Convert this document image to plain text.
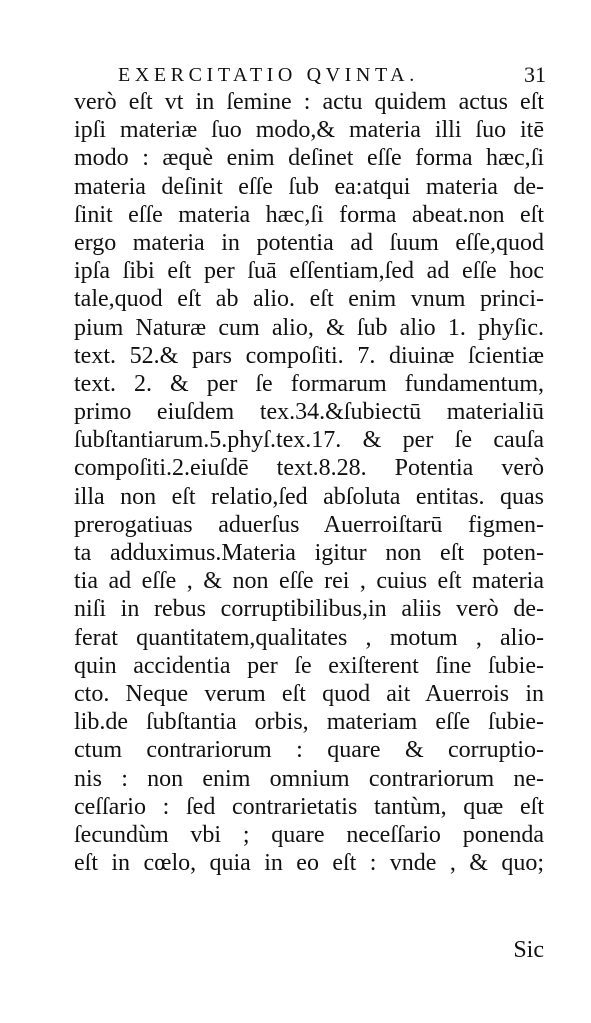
EXERCITATIO QVINTA.	31
verò eſt vt in ſemine : actu quidem actus eſt
ipſi materiæ ſuo modo,& materia illi ſuo itē
modo : æquè enim deſinet eſſe forma hæc,ſi
materia deſinit eſſe ſub ea:atqui materia de-
ſinit eſſe materia hæc,ſi forma abeat.non eſt
ergo materia in potentia ad ſuum eſſe,quod
ipſa ſibi eſt per ſuā eſſentiam,ſed ad eſſe hoc
tale,quod eſt ab alio. eſt enim vnum princi-
pium Naturæ cum alio, & ſub alio 1. phyſic.
text. 52.& pars compoſiti. 7. diuinæ ſcientiæ
text. 2. & per ſe formarum fundamentum,
primo eiuſdem tex.34.&ſubiectū materialiū
ſubſtantiarum.5.phyſ.tex.17. & per ſe cauſa
compoſiti.2.eiuſdē text.8.28. Potentia verò
illa non eſt relatio,ſed abſoluta entitas. quas
prerogatiuas aduerſus Auerroiſtarū figmen-
ta adduximus.Materia igitur non eſt poten-
tia ad eſſe , & non eſſe rei , cuius eſt materia
niſi in rebus corruptibilibus,in aliis verò de-
ferat quantitatem,qualitates , motum , alio-
quin accidentia per ſe exiſterent ſine ſubie-
cto. Neque verum eſt quod ait Auerrois in
lib.de ſubſtantia orbis, materiam eſſe ſubie-
ctum contrariorum : quare & corruptio-
nis : non enim omnium contrariorum ne-
ceſſario : ſed contrarietatis tantùm, quæ eſt
ſecundùm vbi ; quare neceſſario ponenda
eſt in cœlo, quia in eo eſt : vnde , & quo;
Sic
